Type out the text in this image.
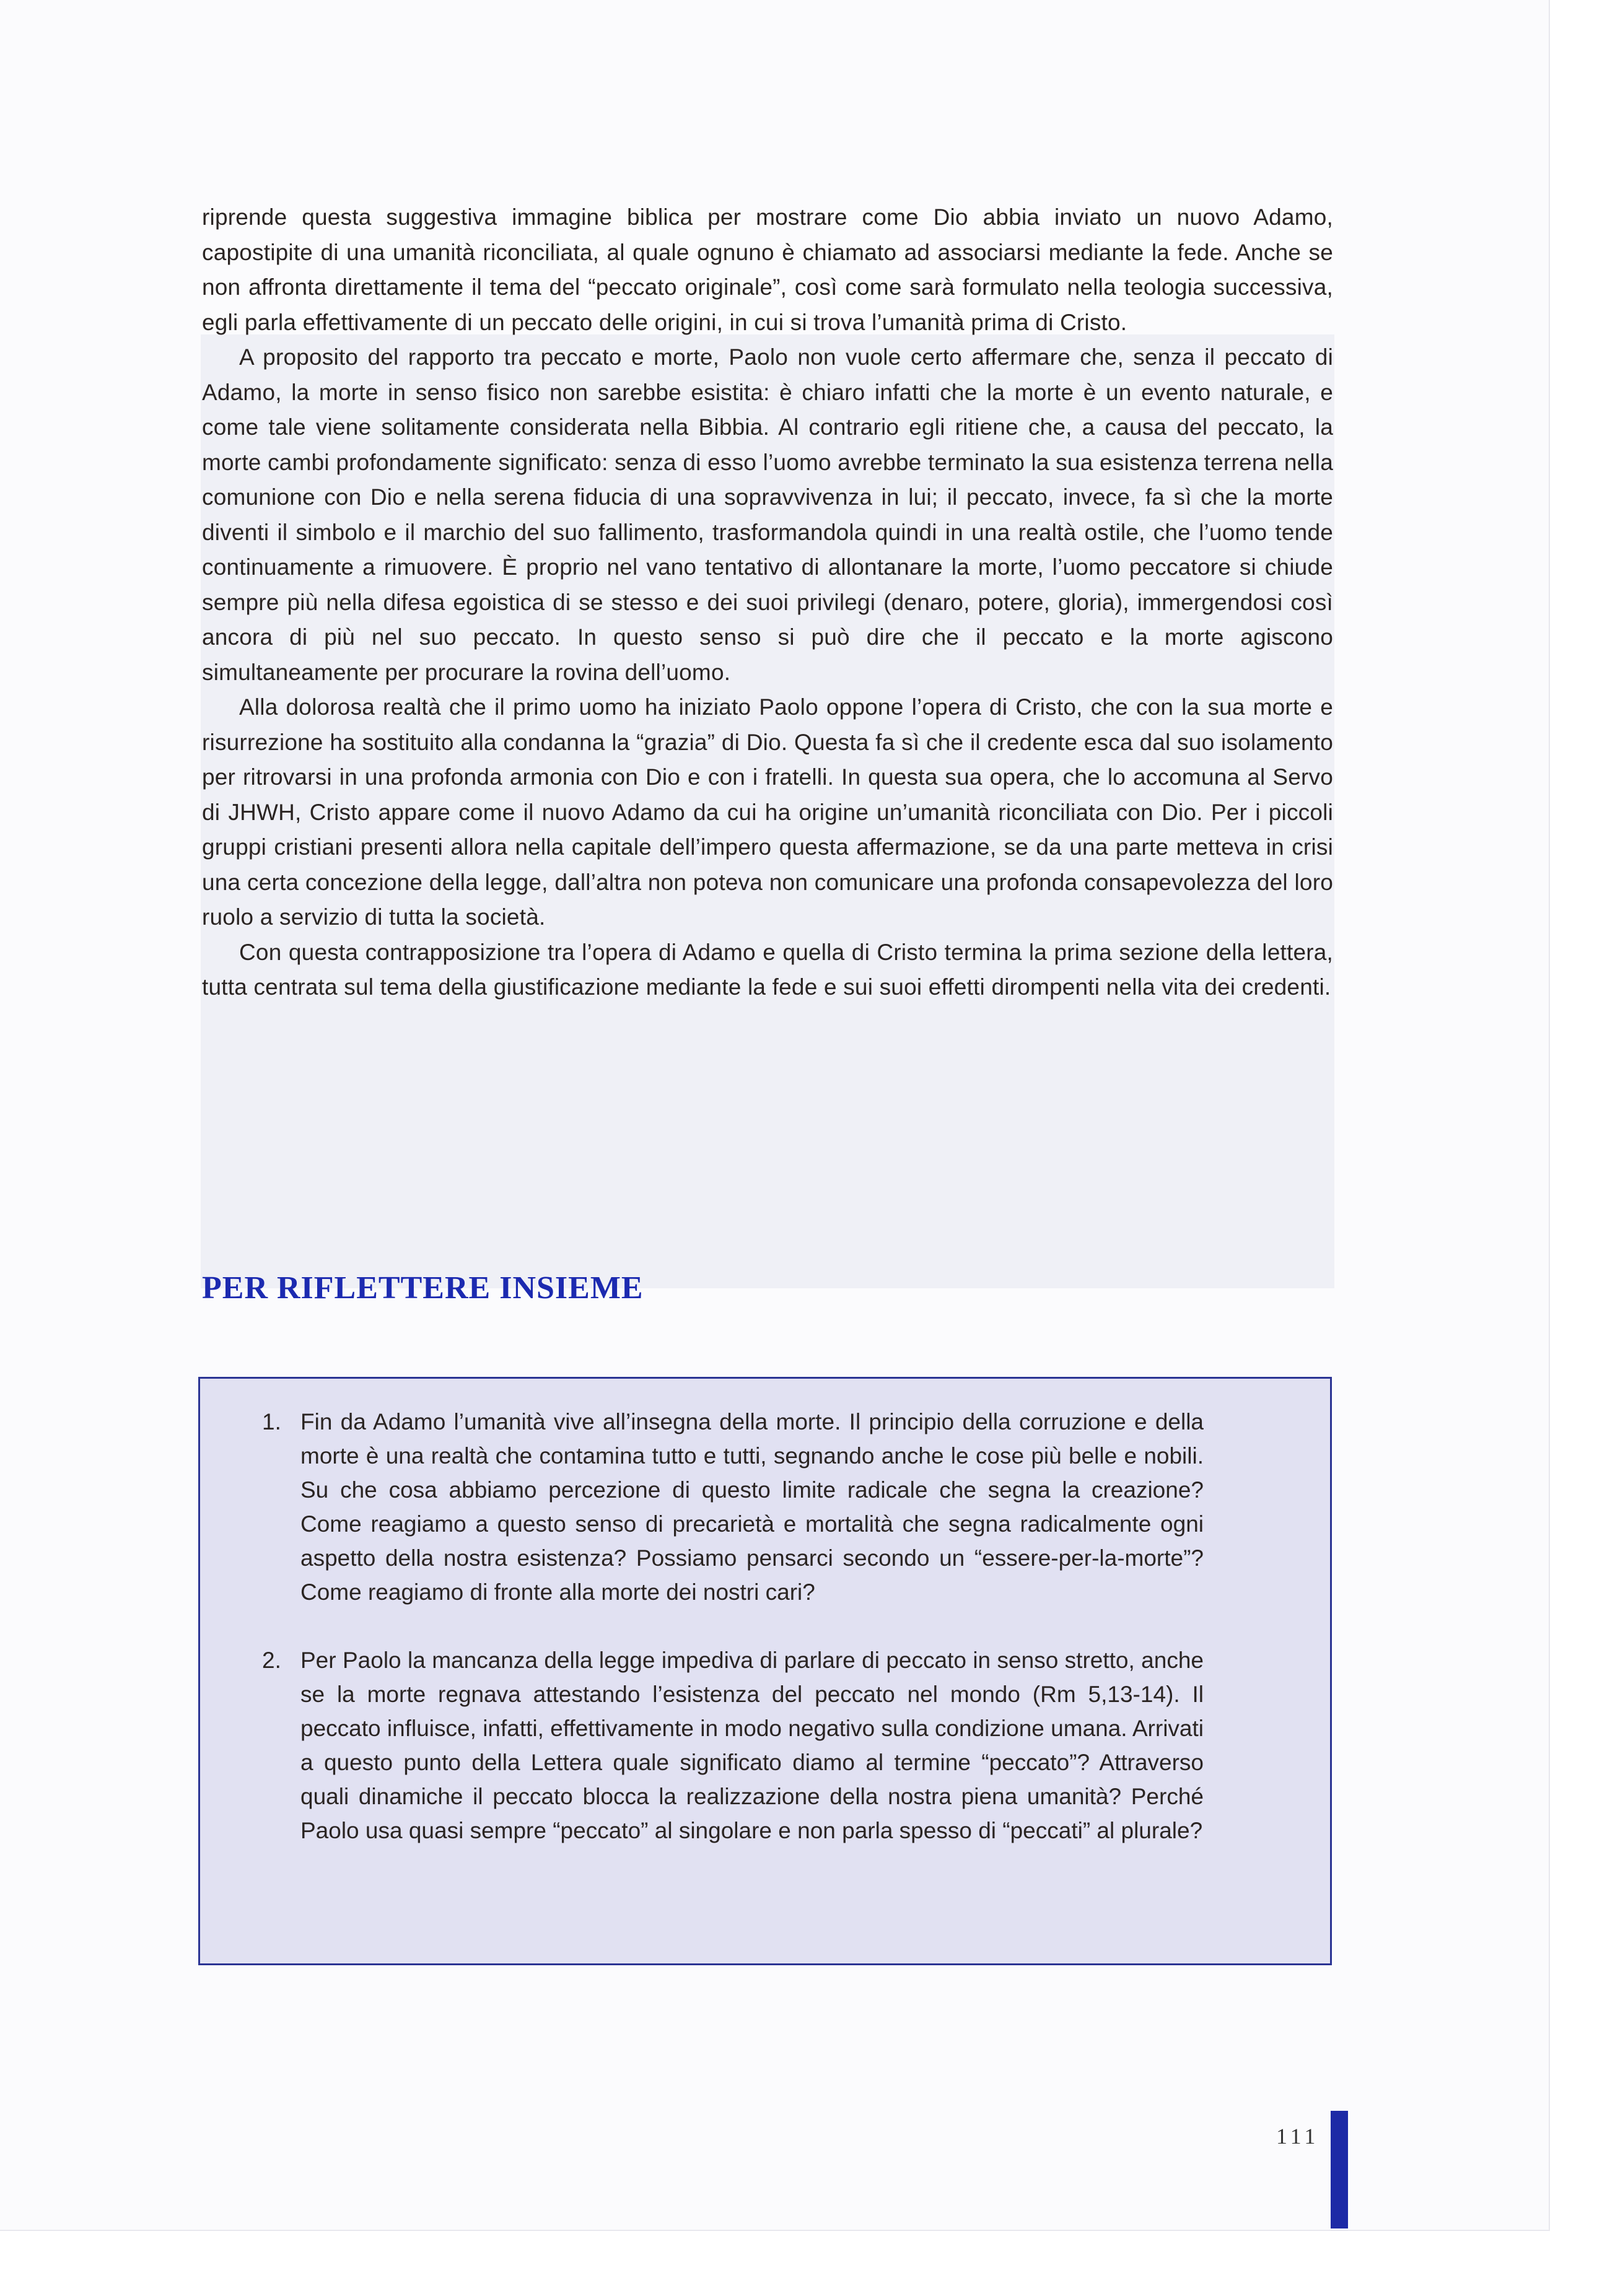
riprende questa suggestiva immagine biblica per mostrare come Dio abbia inviato un nuovo Adamo, capostipite di una umanità riconciliata, al quale ognuno è chiamato ad associarsi mediante la fede. Anche se non affronta direttamente il tema del “peccato originale”, così come sarà formulato nella teologia successiva, egli parla effettivamente di un peccato delle origini, in cui si trova l’umanità prima di Cristo.

A proposito del rapporto tra peccato e morte, Paolo non vuole certo affermare che, senza il peccato di Adamo, la morte in senso fisico non sarebbe esistita: è chiaro infatti che la morte è un evento naturale, e come tale viene solitamente considerata nella Bibbia. Al contrario egli ritiene che, a causa del peccato, la morte cambi profondamente significato: senza di esso l’uomo avrebbe terminato la sua esistenza terrena nella comunione con Dio e nella serena fiducia di una sopravvivenza in lui; il peccato, invece, fa sì che la morte diventi il simbolo e il marchio del suo fallimento, trasformandola quindi in una realtà ostile, che l’uomo tende continuamente a rimuovere. È proprio nel vano tentativo di allontanare la morte, l’uomo peccatore si chiude sempre più nella difesa egoistica di se stesso e dei suoi privilegi (denaro, potere, gloria), immergendosi così ancora di più nel suo peccato. In questo senso si può dire che il peccato e la morte agiscono simultaneamente per procurare la rovina dell’uomo.

Alla dolorosa realtà che il primo uomo ha iniziato Paolo oppone l’opera di Cristo, che con la sua morte e risurrezione ha sostituito alla condanna la “grazia” di Dio. Questa fa sì che il credente esca dal suo isolamento per ritrovarsi in una profonda armonia con Dio e con i fratelli. In questa sua opera, che lo accomuna al Servo di JHWH, Cristo appare come il nuovo Adamo da cui ha origine un’umanità riconciliata con Dio. Per i piccoli gruppi cristiani presenti allora nella capitale dell’impero questa affermazione, se da una parte metteva in crisi una certa concezione della legge, dall’altra non poteva non comunicare una profonda consapevolezza del loro ruolo a servizio di tutta la società.

Con questa contrapposizione tra l’opera di Adamo e quella di Cristo termina la prima sezione della lettera, tutta centrata sul tema della giustificazione mediante la fede e sui suoi effetti dirompenti nella vita dei credenti.

PER RIFLETTERE INSIEME
1. Fin da Adamo l’umanità vive all’insegna della morte. Il principio della corruzione e della morte è una realtà che contamina tutto e tutti, segnando anche le cose più belle e nobili. Su che cosa abbiamo percezione di questo limite radicale che segna la creazione? Come reagiamo a questo senso di precarietà e mortalità che segna radicalmente ogni aspetto della nostra esistenza? Possiamo pensarci secondo un “essere-per-la-morte”? Come reagiamo di fronte alla morte dei nostri cari?
2. Per Paolo la mancanza della legge impediva di parlare di peccato in senso stretto, anche se la morte regnava attestando l’esistenza del peccato nel mondo (Rm 5,13-14). Il peccato influisce, infatti, effettivamente in modo negativo sulla condizione umana. Arrivati a questo punto della Lettera quale significato diamo al termine “peccato”? Attraverso quali dinamiche il peccato blocca la realizzazione della nostra piena umanità? Perché Paolo usa quasi sempre “peccato” al singolare e non parla spesso di “peccati” al plurale?
111
